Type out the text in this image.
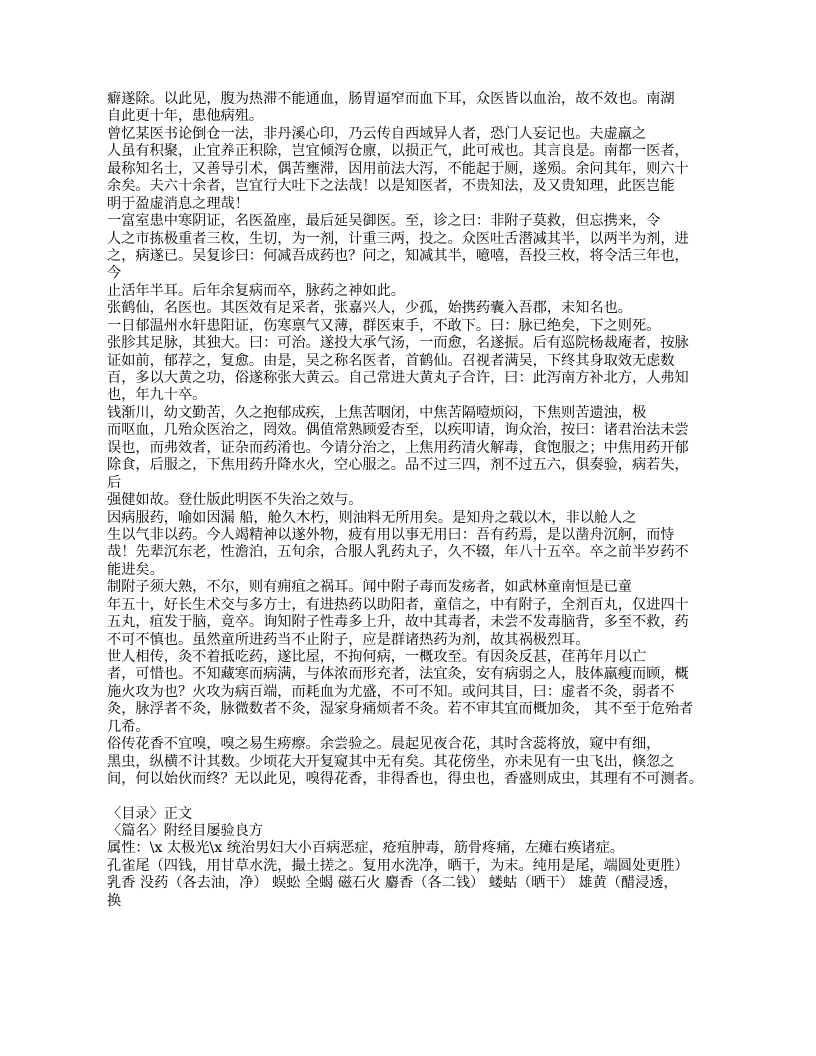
癖遂除。以此见，腹为热滞不能通血，肠胃逼窄而血下耳，众医皆以血治，故不效也。南湖
自此更十年，患他病殂。
曾忆某医书论倒仓一法，非丹溪心印，乃云传自西域异人者，恐门人妄记也。夫虚羸之
人虽有积聚，止宜养正积除，岂宜倾泻仓廪，以损正气，此可戒也。其言良是。南都一医者，
最称知名士，又善导引术，偶苦壅滞，因用前法大泻，不能起于厕，遂殒。余问其年，则六十
余矣。夫六十余者，岂宜行大吐下之法哉！以是知医者，不贵知法，及又贵知理，此医岂能
明于盈虚消息之理哉！
一富室患中寒阴证，名医盈座，最后延吴御医。至，诊之曰：非附子莫救，但忘携来，令
人之市拣极重者三枚，生切，为一剂，计重三两，投之。众医吐舌潜减其半，以两半为剂，进
之，病遂已。吴复诊曰：何减吾成药也？问之，知减其半，噫嘻，吾投三枚，将令活三年也，
今
止活年半耳。后年余复病而卒，脉药之神如此。
张鹤仙，名医也。其医效有足采者，张嘉兴人，少孤，始携药囊入吾郡，未知名也。
一日郁温州水轩患阳证，伤寒禀气又薄，群医束手，不敢下。曰：脉已绝矣，下之则死。
张胗其足脉，其独大。曰：可治。遂投大承气汤，一而愈，名遂振。后有巡院杨裁庵者，按脉
证如前，郁荐之，复愈。由是，吴之称名医者，首鹤仙。召视者满吴，下终其身取效无虑数
百，多以大黄之功，俗遂称张大黄云。自己常进大黄丸子合许，曰：此泻南方补北方，人弗知
也，年九十卒。
钱渐川，幼文勤苦，久之抱郁成疾，上焦苦咽闭，中焦苦隔噎烦闷，下焦则苦遗浊，极
而呕血，几殆众医治之，罔效。偶值常熟顾爱杏至，以疾叩请，询众治，按曰：诸君治法未尝
误也，而弗效者，证杂而药淆也。今请分治之，上焦用药清火解毒，食饱服之；中焦用药开郁
除食，后服之，下焦用药升降水火，空心服之。品不过三四，剂不过五六，俱奏验，病若失，
后
强健如故。登仕版此明医不失治之效与。
因病服药，喻如因漏 船，舱久木朽，则油料无所用矣。是知舟之载以木，非以舱人之
生以气非以药。今人竭精神以遂外物，疲有用以事无用曰：吾有药焉，是以凿舟沉舸，而恃
哉！先辈沉东老，性澹泊，五旬余，合服人乳药丸子，久不辍，年八十五卒。卒之前半岁药不
能进矣。
制附子须大熟，不尔，则有痈疽之祸耳。闻中附子毒而发疡者，如武林童南恒是已童
年五十，好长生术交与多方士，有进热药以助阳者，童信之，中有附子，全剂百丸，仅进四十
五丸，疽发于脑，竟卒。询知附子性毒多上升，故中其毒者，未尝不发毒脑背，多至不救，药
不可不慎也。虽然童所进药当不止附子，应是群诸热药为剂，故其祸极烈耳。
世人相传，灸不着抵吃药，遂比屋，不拘何病，一概攻至。有因灸反甚，荏苒年月以亡
者，可惜也。不知藏寒而病满，与体浓而形充者，法宜灸，安有病弱之人，肢体羸瘦而顾，概
施火攻为也？火攻为病百端，而耗血为尤盛，不可不知。或问其目，曰：虚者不灸，弱者不
灸，脉浮者不灸，脉微数者不灸，湿家身痛烦者不灸。若不审其宜而概加灸， 其不至于危殆者
几希。
俗传花香不宜嗅，嗅之易生痨瘵。余尝验之。晨起见夜合花，其时含蕊将放，窥中有细，
黑虫，纵横不计其数。少顷花大开复窥其中无有矣。其花傍坐，亦未见有一虫飞出，倏忽之
间，何以始伙而终？无以此见，嗅得花香，非得香也，得虫也，香盛则成虫，其理有不可测者。
〈目录〉正文
〈篇名〉附经目屡验良方
属性：\x 太极光\x 统治男妇大小百病恶症，疮疽肿毒，筋骨疼痛，左瘫右痪诸症。
孔雀尾（四钱，用甘草水洗，撮土搓之。复用水洗净，晒干，为末。纯用是尾，端圆处更胜）
乳香 没药（各去油，净） 蜈蚣 全蝎 磁石火 麝香（各二钱） 蝼蛄（晒干） 雄黄（醋浸透，
换
